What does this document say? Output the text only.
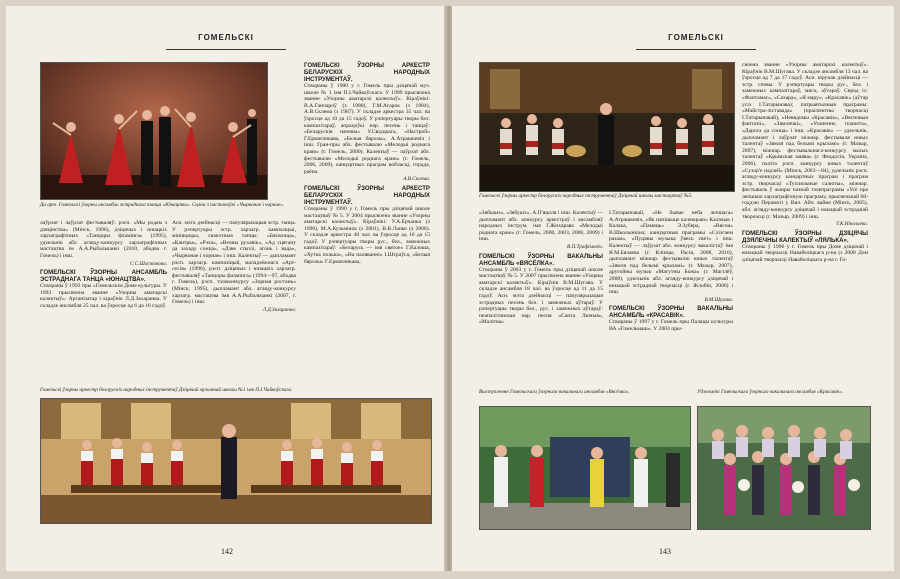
ГОМЕЛЬСКІ
Да арт. Гомельскі ўзорны ансамбль эстраднага танца «Юнацтва». Сцэна з пастаноўкі «Чырвонае і чорнае».

лаўрэат і лаўрэат фестываляў: рэсп. «Мы родам з дзяцінства» (Мінск, 1996), дзіцячых і юнацкіх харэаграфічных «Танцоры фламінга» (1995), удзельнік абл. агляду-конкурсу харэаграфічных мастацтва ім А.А.Рыбальчанкі (2010, абодва г. Гомель) і інш.

С.С.Шостокова.
ГОМЕЛЬСКІ ЎЗОРНЫ АНСАМБЛЬ ЭСТРАДНАГА ТАНЦА «ЮНАЦТВА».

Створаны ў 1993 пры «Гомельскім Доме культуры. У 1993 прысвоена званне «Узорны аматарскі калектыў». Арганізатар і кіраўнік Л.Д.Захаранка. У складзе ансамбля 25 чал. ва ўзросце ад 6 да 16 гадоў.

Асн. мэта дзейнасці — папулярызацыя эстр. танца. У рэпертуары эстр. харэагр. кампазіцыі, мініяцюры, сюжэтныя танцы: «Бясконца», «Кантры», «Рэха», «Вечны рухавік», «Ад сцягану да захаду сонца», «Дзве стыхіі, агонь і вада», «Чырвонае і чорнае» і інш. Калектыў — дыпламант рэсп. харэагр. кампазіцый, маладзёжнага «Арт-сесія» (1996), рэсп. дзіцячых і юнацкіх харэагр. фестываляў «Танцоры фламінга» (1994—97, абодва г. Гомель), рэсп. тэлеконкурсу «Зорная ростань» (Мінск, 1995), дыпламант абл. агляду-конкурсу харэагр. мастацтва імя А.А.Рыбальчанкі (2007, г. Гомель) і інш.

Л.Д.Захаранка.
ГОМЕЛЬСКІ ЎЗОРНЫ АРКЕСТР БЕЛАРУСКІХ НАРОДНЫХ ІНСТРУМЕНТАЎ.

Створаны ў 1980 у г. Гомель пры дзіцячай муз. школе № 1 імя П.І.Чайкоўскага. У 1999 прысвоена званне «Узорны аматарскі калектыў». Кіраўнікі: В.А.Ганчароў (з 1980), Г.М.Агарок (з 1984), А.В.Склема (з 1987). У складзе аркестра 35 чал. ва ўзросце ад 10 да 15 гадоў. У рэпертуары творы бел. кампазітараў, апрацоўкі нар. песень і танцаў: «Беларускія напевы» У.Свідцкага, «Настрой» Г.Ермачэнкава, «Белыя бярозы», А.Атрашкевіч і інш. Гран-пры абл. фестывалю «Мелодыі роднага краю» (г. Гомель, 2000). Калектыў — лаўрэат абл. фестывалю «Мелодыі роднага краю» (г. Гомель, 2006, 2009), канцэртных праграм вобласці, горада, раёна.

А.В.Склема.
ГОМЕЛЬСКІ ЎЗОРНЫ АРКЕСТР БЕЛАРУСКІХ НАРОДНЫХ ІНСТРУМЕНТАЎ.

Створаны ў 1990 у г. Гомель пры дзіцячай школе мастацтваў № 5. У 2004 прысвоена званне «Узорны аматарскі калектыў». Кіраўнікі: У.А.Ерчанка (з 1990), М.А.Кузьмінок (з 2001), В.В.Лапко (з 2006). У складзе аркестра 40 чал. ва ўзросце ад 10 да 15 гадоў. У рэпертуары творы рус., бел., замежных кампазітараў: «Беларусь — імя святое» Г.Калоша, «Хутка полька», «На паляванні» І.Штраўса, «Белыя бярозы» Г.Ермачэнкава,

Гомельскі ўзорны аркестр беларускіх народных інструментаў Дзіцячай музычнай школы №1 імя П.І.Чайкоўскага.
142
ГОМЕЛЬСКІ
Гомельскі ўзорны аркестр беларускіх народных інструментаў Дзіцячай школы мастацтваў №5.

«Зябышэ», «Зябушэ», А.П'яцоля і інш. Калектыў — дыпламант абл. конкурсу аркестраў і ансамбляў народных інструм. імя Г.Жихарава «Мелодыі роднага краю» (г. Гомель, 2000, 2003, 2006, 2009) і інш.

В.П.Трафімовіч.
ГОМЕЛЬСКІ ЎЗОРНЫ ВАКАЛЬНЫ АНСАМБЛЬ «ВЯСЁЛКА».

Створаны ў 2003 у г. Гомель пры дзіцячай школе мастацтваў № 5. У 2007 прысвоена званне «Узорны аматарскі калектыў». Кіраўнік В.М.Шугава. У складзе ансамбля 18 чал. ва ўзросце ад 11 да 15 гадоў. Асн. мэта дзейнасці — папулярызацыя эстрадных песень бел. і замежных аўтараў. У рэпертуары творы бел., рус. і замежных аўтараў: неапалітанская нар. песня «Санта Лючыя», «Малітва»

І.Татарынавай, «Не бывае неба лепшага» А.Атрашкевіч, «Як напішыце калекцыю» Калачык і Калака, «Памяць» Э.Зубера, «Вясна» В.Школынкіна; канцэртныя праграмы «Слізгаем разам», «Пуцявы музыка ўвесь свет» і інш. Калектыў — лаўрэат абл. конкурсу вакалістаў імя Я.М.Бялаева (г. Клінцы, Расія, 2008, 2010), дыпламант міжнар. фестывалю юных талентаў «Зямля пад белымі крыламі» (г. Мазыр, 2007), другойны музык «Магутны Божа» (г. Магілёў, 2008), удзельнік абл. агляду-конкурсу дзіцячай і юнацкай эстраднай творчасці (г. Жлобін, 2006) і інш.

В.М.Шугава.
ГОМЕЛЬСКІ ЎЗОРНЫ ВАКАЛЬНЫ АНСАМБЛЬ «КРАСАВІК».

Створаны ў 1997 у г. Гомель пры Палацы культуры ВА «Гомельмаш». У 2003 пры-

своена званне «Узорны аматарскі калектыў». Кіраўнік В.М.Шугава. У складзе ансамбля 13 чал. ва ўзросце ад 7 да 17 гадоў. Асн. кірунак дзейнасці — эстр. спевы. У рэпертуары творы рус., бел. і замежных кампазітараў, мясц. аўтараў. Сярод іх: «Фантамас», «Сахара», «Я мару», «Красавік» (аўтар усіх І.Татарынава); патрыятычныя праграмы: «Майстра-ліставада» (праспектны творчасці І.Татарынавай), «Невядомы «Красавік», «Вясновыя фантазіі», «Зямлячкі», «Усяленне, планета», «Дарога да сонца» і інш. «Красавік» — удзельнік, дыпламант і лаўрэат міжнар. фестываля юных талентаў «Зямля пад белымі крыламі» (г. Мазыр, 2007), міжнар. фестывальнага-конкурсу малых талентаў «Крымская маява» (г. Феадосія, Украіна, 2006), паліта рэсп. конкурсу юных талентаў «Сузор'е надзей» (Мінск, 2003—04), удзельнік рэсп. агляду-конкурсу канцэртных праграм і праграм эстр. творчасці «Тупляльные салюты», міжнар. фестываль ў жанры пазнай тэлепраграмы «Усё пра лепшыю харэаграфічную праграму, прысвечанай 60-годдзю Перамогі у Вял. Айч. вайне (Мінск, 2005), абл. агляду-конкурсу дзіцячай і юнацкай эстраднай творчасці (г. Мазыр, 2009) і інш.

Т.К.Ніколаева.
ГОМЕЛЬСКІ ЎЗОРНЫ ДЗІЦЯЧЫ ДЗЯЛЕЧНЫ КАЛЕКТЫЎ «ЛЯЛЬКА».

Створаны ў 1996 у г. Гомель пры Доме дзіцячай і юнацкай творчасці Навабеліцкага р-на (з 2008 Дом дзіцячай творчасці Навабеліцкага р-на г. Го-

Выступленне Гомельскага ўзорнага вакальнага ансамбля «Вясёлка».	Удзельнікі Гомельскага ўзорнага вакальнага ансамбля «Красавік».
143
